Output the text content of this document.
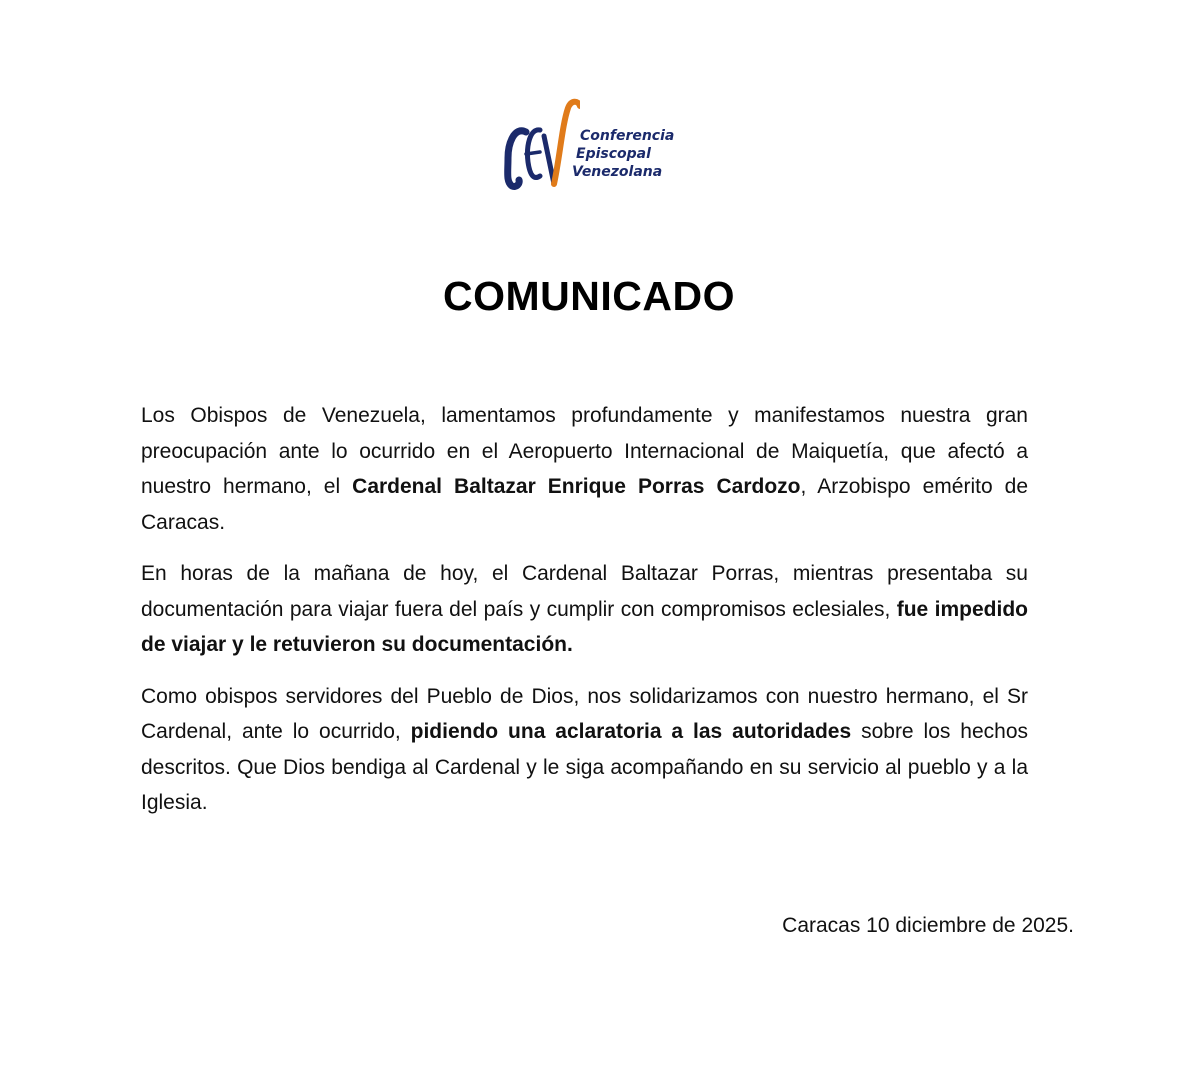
Conferencia
Episcopal
Venezolana
COMUNICADO

Los Obispos de Venezuela, lamentamos profundamente y manifestamos nuestra gran preocupación ante lo ocurrido en el Aeropuerto Internacional de Maiquetía, que afectó a nuestro hermano, el Cardenal Baltazar Enrique Porras Cardozo, Arzobispo emérito de Caracas.

En horas de la mañana de hoy, el Cardenal Baltazar Porras, mientras presentaba su documentación para viajar fuera del país y cumplir con compromisos eclesiales, fue impedido de viajar y le retuvieron su documentación.

Como obispos servidores del Pueblo de Dios, nos solidarizamos con nuestro hermano, el Sr Cardenal, ante lo ocurrido, pidiendo una aclaratoria a las autoridades sobre los hechos descritos. Que Dios bendiga al Cardenal y le siga acompañando en su servicio al pueblo y a la Iglesia.

Caracas 10 diciembre de 2025.
